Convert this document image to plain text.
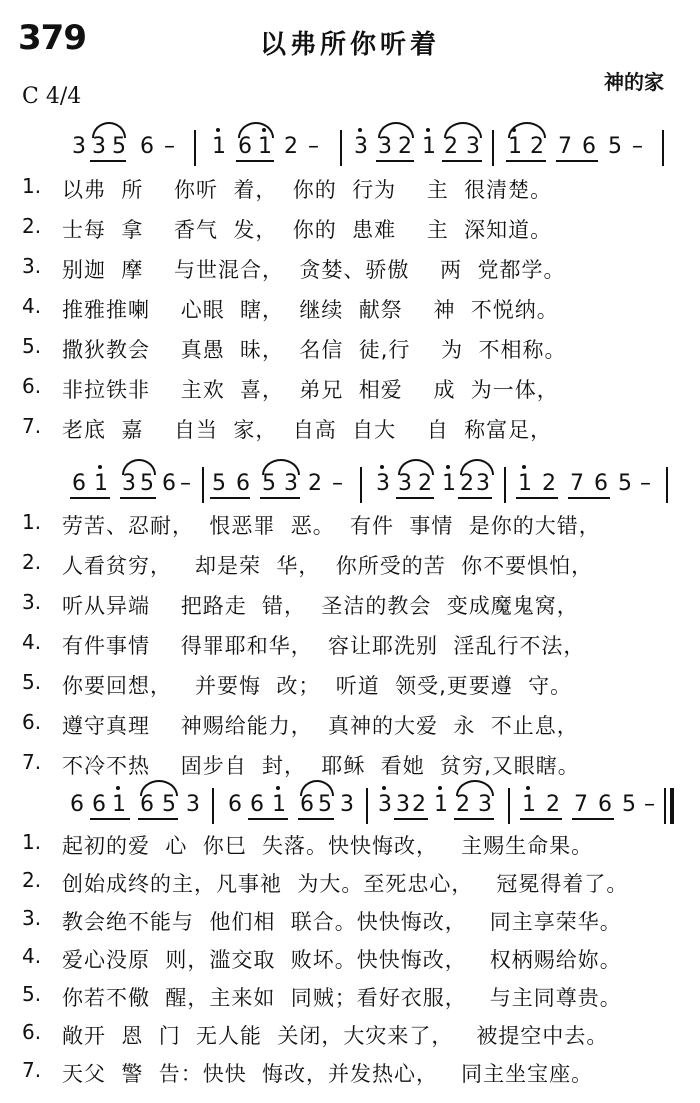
379	以弗所你听着
神的家
C 4/4
3 3 5 6 – 1 6 1 2 – 3 3 2 1 2 3 1 2 7 6 5 –
1. 以弗  所    你听  着，  你的  行为    主  很清楚。
2. 士每  拿    香气  发，  你的  患难    主  深知道。
3. 别迦  摩    与世混合，  贪婪、骄傲    两  党都学。
4. 推雅推喇    心眼  瞎，  继续  献祭    神  不悦纳。
5. 撒狄教会    真愚  昧，  名信  徒,行    为  不相称。
6. 非拉铁非    主欢  喜，  弟兄  相爱    成  为一体，
7. 老底  嘉    自当  家，  自高  自大    自  称富足，
6 1 3 5 6 – 5 6 5 3 2 – 3 3 2 1 2 3 1 2 7 6 5 –
1. 劳苦、忍耐，  恨恶罪  恶。  有件  事情  是你的大错，
2. 人看贫穷，   却是荣  华，  你所受的苦  你不要惧怕，
3. 听从异端    把路走  错，  圣洁的教会  变成魔鬼窝，
4. 有件事情    得罪耶和华，  容让耶洗别  淫乱行不法，
5. 你要回想，   并要悔  改；  听道  领受,更要遵  守。
6. 遵守真理    神赐给能力，  真神的大爱  永  不止息，
7. 不冷不热    固步自  封，  耶稣  看她  贫穷,又眼瞎。
6 6 1 6 5 3 6 6 1 6 5 3 3 3 2 1 2 3 1 2 7 6 5 –
1. 起初的爱  心  你巳  失落。快快悔改，   主赐生命果。
2. 创始成终的主，凡事祂  为大。至死忠心，   冠冕得着了。
3. 教会绝不能与  他们相  联合。快快悔改，   同主享荣华。
4. 爱心没原  则，滥交取  败坏。快快悔改，   权柄赐给妳。
5. 你若不儆  醒，主来如  同贼；看好衣服，   与主同尊贵。
6. 敞开  恩  门  无人能  关闭，大灾来了，   被提空中去。
7. 天父  警  告：快快  悔改，并发热心，   同主坐宝座。
